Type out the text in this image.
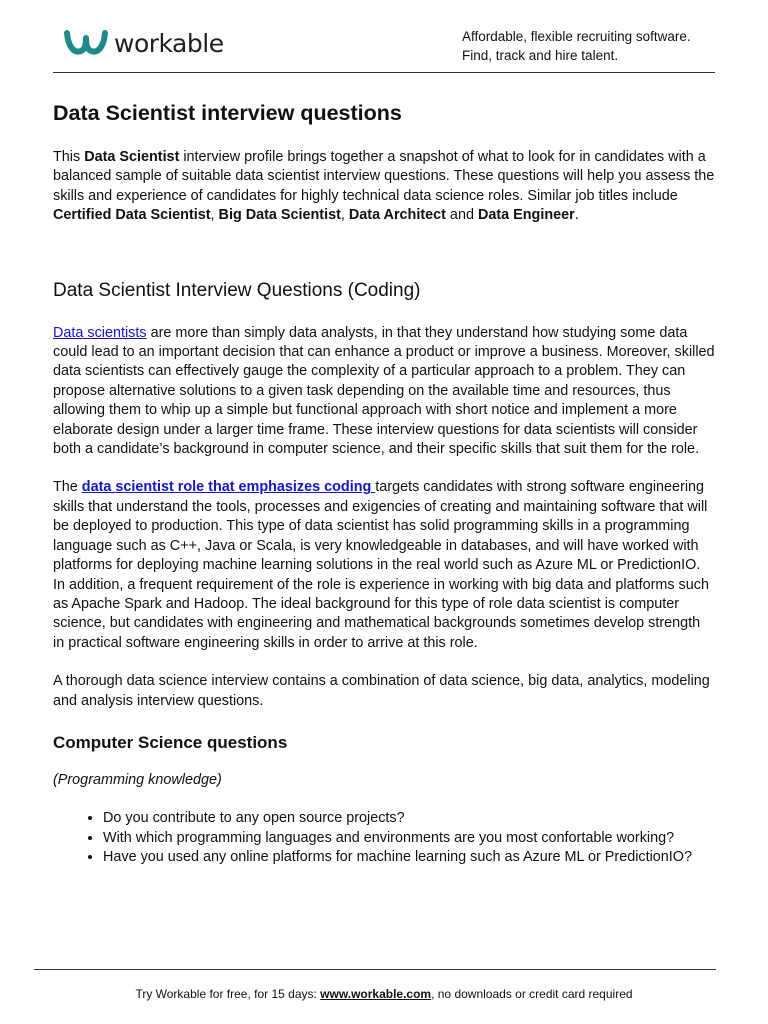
workable	Affordable, flexible recruiting software.
Find, track and hire talent.
Data Scientist interview questions

This Data Scientist interview profile brings together a snapshot of what to look for in candidates with a balanced sample of suitable data scientist interview questions. These questions will help you assess the skills and experience of candidates for highly technical data science roles. Similar job titles include Certified Data Scientist, Big Data Scientist, Data Architect and Data Engineer.

Data Scientist Interview Questions (Coding)

Data scientists are more than simply data analysts, in that they understand how studying some data could lead to an important decision that can enhance a product or improve a business. Moreover, skilled data scientists can effectively gauge the complexity of a particular approach to a problem. They can propose alternative solutions to a given task depending on the available time and resources, thus allowing them to whip up a simple but functional approach with short notice and implement a more elaborate design under a larger time frame. These interview questions for data scientists will consider both a candidate’s background in computer science, and their specific skills that suit them for the role.

The data scientist role that emphasizes coding targets candidates with strong software engineering skills that understand the tools, processes and exigencies of creating and maintaining software that will be deployed to production. This type of data scientist has solid programming skills in a programming language such as C++, Java or Scala, is very knowledgeable in databases, and will have worked with platforms for deploying machine learning solutions in the real world such as Azure ML or PredictionIO. In addition, a frequent requirement of the role is experience in working with big data and platforms such as Apache Spark and Hadoop. The ideal background for this type of role data scientist is computer science, but candidates with engineering and mathematical backgrounds sometimes develop strength in practical software engineering skills in order to arrive at this role.

A thorough data science interview contains a combination of data science, big data, analytics, modeling and analysis interview questions.

Computer Science questions

(Programming knowledge)

• Do you contribute to any open source projects?
• With which programming languages and environments are you most confortable working?
• Have you used any online platforms for machine learning such as Azure ML or PredictionIO?
Try Workable for free, for 15 days: www.workable.com, no downloads or credit card required
